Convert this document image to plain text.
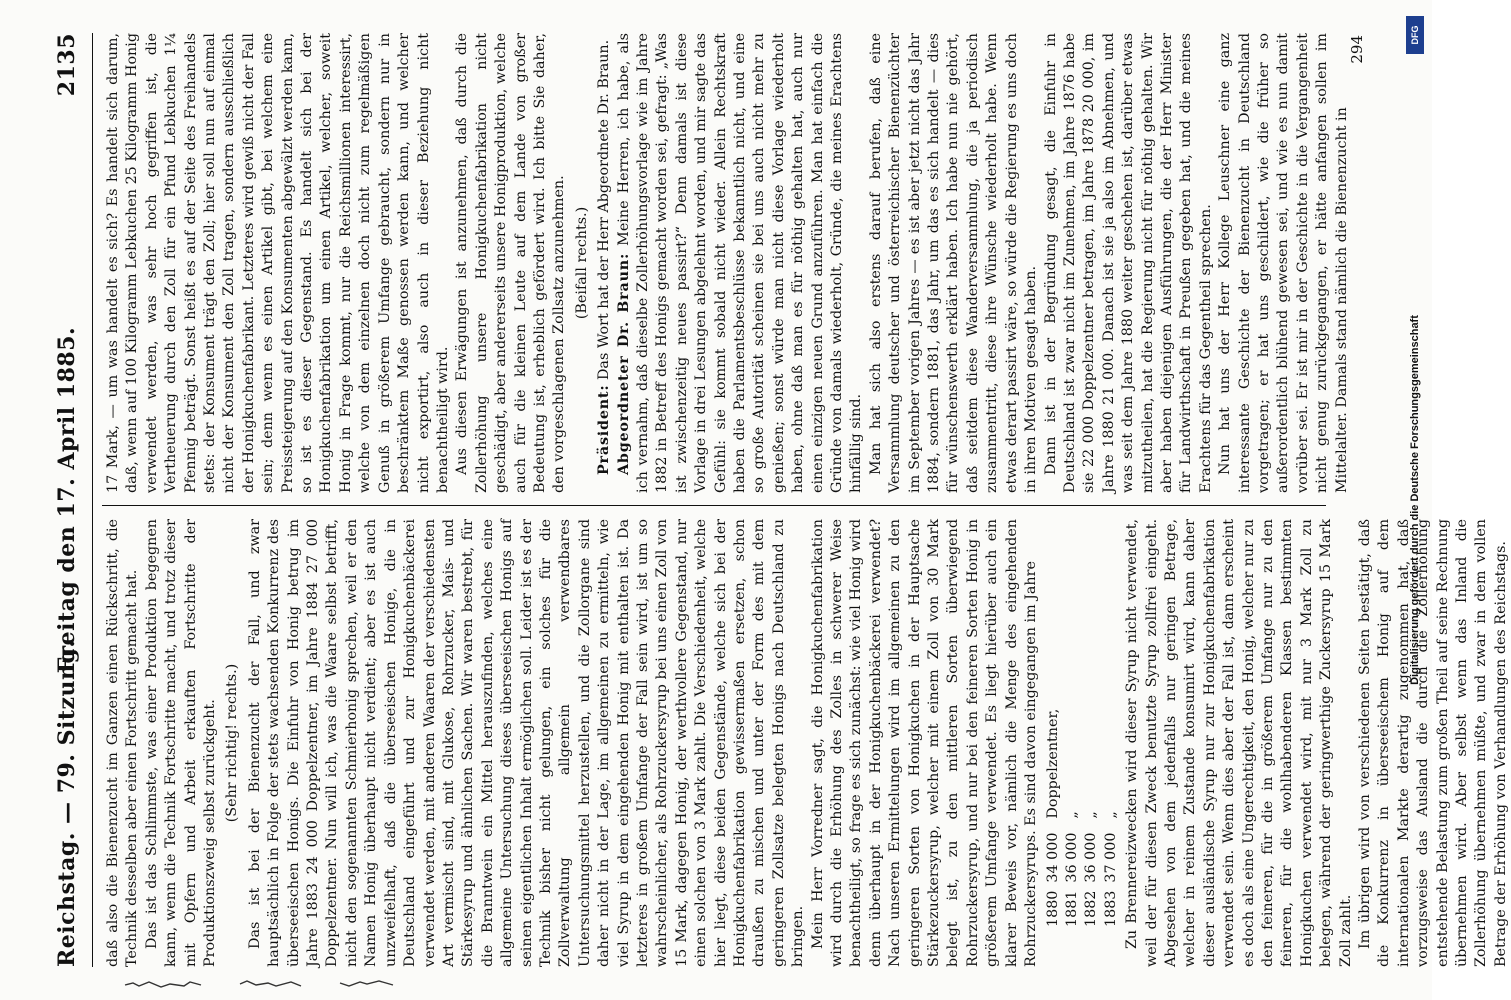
Reichstag. — 79. Sitzung.
Freitag den 17. April 1885.
2135

daß also die Bienenzucht im Ganzen einen Rückschritt, die Technik desselben aber einen Fortschritt gemacht hat. Das ist das Schlimmste, was einer Produktion begegnen kann, wenn die Technik Fortschritte macht, und trotz dieser mit Opfern und Arbeit erkauften Fortschritte der Produktionszweig selbst zurückgeht. (Sehr richtig! rechts.) Das ist bei der Bienenzucht der Fall, und zwar hauptsächlich in Folge der stets wachsenden Konkurrenz des überseeischen Honigs. Die Einfuhr von Honig betrug im Jahre 1883 24 000 Doppelzentner, im Jahre 1884 27 000 Doppelzentner. Nun will ich, was die Waare selbst betrifft, nicht den sogenannten Schmierhonig sprechen, weil er den Namen Honig überhaupt nicht verdient; aber es ist auch unzweifelhaft, daß die überseeischen Honige, die in Deutschland eingeführt und zur Honigkuchenbäckerei verwendet werden, mit anderen Waaren der verschiedensten Art vermischt sind, mit Glukose, Rohrzucker, Mais- und Stärkesyrup und ähnlichen Sachen. Wir waren bestrebt, für die Branntwein ein Mittel herauszufinden, welches eine allgemeine Untersuchung dieses überseeischen Honigs auf seinen eigentlichen Inhalt ermöglichen soll. Leider ist es der Technik bisher nicht gelungen, ein solches für die Zollverwaltung allgemein verwendbares Untersuchungsmittel herzustellen, und die Zollorgane sind daher nicht in der Lage, im allgemeinen zu ermitteln, wie viel Syrup in dem eingehenden Honig mit enthalten ist. Da letzteres in großem Umfange der Fall sein wird, ist um so wahrscheinlicher, als Rohrzuckersyrup bei uns einen Zoll von 15 Mark, dagegen Honig, der werthvollere Gegenstand, nur einen solchen von 3 Mark zahlt. Die Verschiedenheit, welche hier liegt, diese beiden Gegenstände, welche sich bei der Honigkuchenfabrikation gewissermaßen ersetzen, schon draußen zu mischen und unter der Form des mit dem geringeren Zollsatze belegten Honigs nach Deutschland zu bringen. Mein Herr Vorredner sagt, die Honigkuchenfabrikation wird durch die Erhöhung des Zolles in schwerer Weise benachtheiligt, so frage es sich zunächst: wie viel Honig wird denn überhaupt in der Honigkuchenbäckerei verwendet? Nach unseren Ermittelungen wird im allgemeinen zu den geringeren Sorten von Honigkuchen in der Hauptsache Stärkezuckersyrup, welcher mit einem Zoll von 30 Mark belegt ist, zu den mittleren Sorten überwiegend Rohrzuckersyrup, und nur bei den feineren Sorten Honig in größerem Umfange verwendet. Es liegt hierüber auch ein klarer Beweis vor, nämlich die Menge des eingehenden Rohrzuckersyrups. Es sind davon eingegangen im Jahre 1880	34 000	Doppelzentner,
1881	36 000	„
1882	36 000	„
1883	37 000	„ Zu Brennereizwecken wird dieser Syrup nicht verwendet, weil der für diesen Zweck benutzte Syrup zollfrei eingeht. Abgesehen von dem jedenfalls nur geringen Betrage, welcher in reinem Zustande konsumirt wird, kann daher dieser ausländische Syrup nur zur Honigkuchenfabrikation verwendet sein. Wenn dies aber der Fall ist, dann erscheint es doch als eine Ungerechtigkeit, den Honig, welcher nur zu den feineren, für die in größerem Umfange nur zu den feineren, für die wohlhabenderen Klassen bestimmten Honigkuchen verwendet wird, mit nur 3 Mark Zoll zu belegen, während der geringwerthige Zuckersyrup 15 Mark Zoll zahlt. Im übrigen wird von verschiedenen Seiten bestätigt, daß die Konkurrenz in überseeischem Honig auf dem internationalen Markte derartig zugenommen hat, daß vorzugsweise das Ausland die durch die Zollerhöhung entstehende Belastung zum großen Theil auf seine Rechnung übernehmen wird. Aber selbst wenn das Inland die Zollerhöhung übernehmen müßte, und zwar in dem vollen Betrage der Erhöhung von Verhandlungen des Reichstags.

17 Mark, — um was handelt es sich? Es handelt sich darum, daß, wenn auf 100 Kilogramm Lebkuchen 25 Kilogramm Honig verwendet werden, was sehr hoch gegriffen ist, die Vertheuerung durch den Zoll für ein Pfund Lebkuchen 1¼ Pfennig beträgt. Sonst heißt es auf der Seite des Freihandels stets: der Konsument trägt den Zoll; hier soll nun auf einmal nicht der Konsument den Zoll tragen, sondern ausschließlich der Honigkuchenfabrikant. Letzteres wird gewiß nicht der Fall sein; denn wenn es einen Artikel gibt, bei welchem eine Preissteigerung auf den Konsumenten abgewälzt werden kann, so ist es dieser Gegenstand. Es handelt sich bei der Honigkuchenfabrikation um einen Artikel, welcher, soweit Honig in Frage kommt, nur die Reichsmillionen interessirt, welche von dem einzelnen doch nicht zum regelmäßigen Genuß in größerem Umfange gebraucht, sondern nur in beschränktem Maße genossen werden kann, und welcher nicht exportirt, also auch in dieser Beziehung nicht benachtheiligt wird. Aus diesen Erwägungen ist anzunehmen, daß durch die Zollerhöhung unsere Honigkuchenfabrikation nicht geschädigt, aber andererseits unsere Honigproduktion, welche auch für die kleinen Leute auf dem Lande von großer Bedeutung ist, erheblich gefördert wird. Ich bitte Sie daher, den vorgeschlagenen Zollsatz anzunehmen. (Beifall rechts.)

Präsident: Das Wort hat der Herr Abgeordnete Dr. Braun. Abgeordneter Dr. Braun: Meine Herren, ich habe, als ich vernahm, daß dieselbe Zollerhöhungsvorlage wie im Jahre 1882 in Betreff des Honigs gemacht worden sei, gefragt: „Was ist zwischenzeitig neues passirt?“ Denn damals ist diese Vorlage in drei Lesungen abgelehnt worden, und mir sagte das Gefühl: sie kommt sobald nicht wieder. Allein Rechtskraft haben die Parlamentsbeschlüsse bekanntlich nicht, und eine so große Autorität scheinen sie bei uns auch nicht mehr zu genießen; sonst würde man nicht diese Vorlage wiederholt haben, ohne daß man es für nöthig gehalten hat, auch nur einen einzigen neuen Grund anzuführen. Man hat einfach die Gründe von damals wiederholt, Gründe, die meines Erachtens hinfällig sind. Man hat sich also erstens darauf berufen, daß eine Versammlung deutscher und österreichischer Bienenzüchter im September vorigen Jahres — es ist aber jetzt nicht das Jahr 1884, sondern 1881, das Jahr, um das es sich handelt — dies für wünschenswerth erklärt haben. Ich habe nun nie gehört, daß seitdem diese Wanderversammlung, die ja periodisch zusammentritt, diese ihre Wünsche wiederholt habe. Wenn etwas derart passirt wäre, so würde die Regierung es uns doch in ihren Motiven gesagt haben. Dann ist in der Begründung gesagt, die Einfuhr in Deutschland ist zwar nicht im Zunehmen, im Jahre 1876 habe sie 22 000 Doppelzentner betragen, im Jahre 1878 20 000, im Jahre 1880 21 000. Danach ist sie ja also im Abnehmen, und was seit dem Jahre 1880 weiter geschehen ist, darüber etwas mitzutheilen, hat die Regierung nicht für nöthig gehalten. Wir aber haben diejenigen Ausführungen, die der Herr Minister für Landwirthschaft in Preußen gegeben hat, und die meines Erachtens für das Gegentheil sprechen. Nun hat uns der Herr Kollege Leuschner eine ganz interessante Geschichte der Bienenzucht in Deutschland vorgetragen; er hat uns geschildert, wie die früher so außerordentlich blühend gewesen sei, und wie es nun damit vorüber sei. Er ist mir in der Geschichte in die Vergangenheit nicht genug zurückgegangen, er hätte anfangen sollen im Mittelalter. Damals stand nämlich die Bienenzucht in

294	DFG
Digitalisierung gefördert durch die Deutsche Forschungsgemeinschaft
